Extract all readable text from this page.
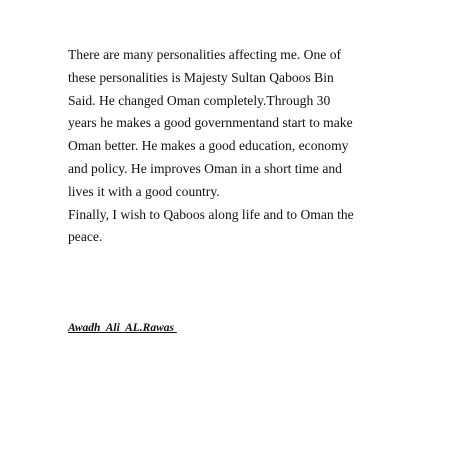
There are many personalities affecting me. One of
these personalities is Majesty Sultan Qaboos Bin
Said. He changed Oman completely.Through 30
years he makes a good governmentand start to make
Oman better. He makes a good education, economy
and policy. He improves Oman in a short time and
lives it with a good country.
Finally, I wish to Qaboos along life and to Oman the
peace.
Awadh  Ali  AL.Rawas
